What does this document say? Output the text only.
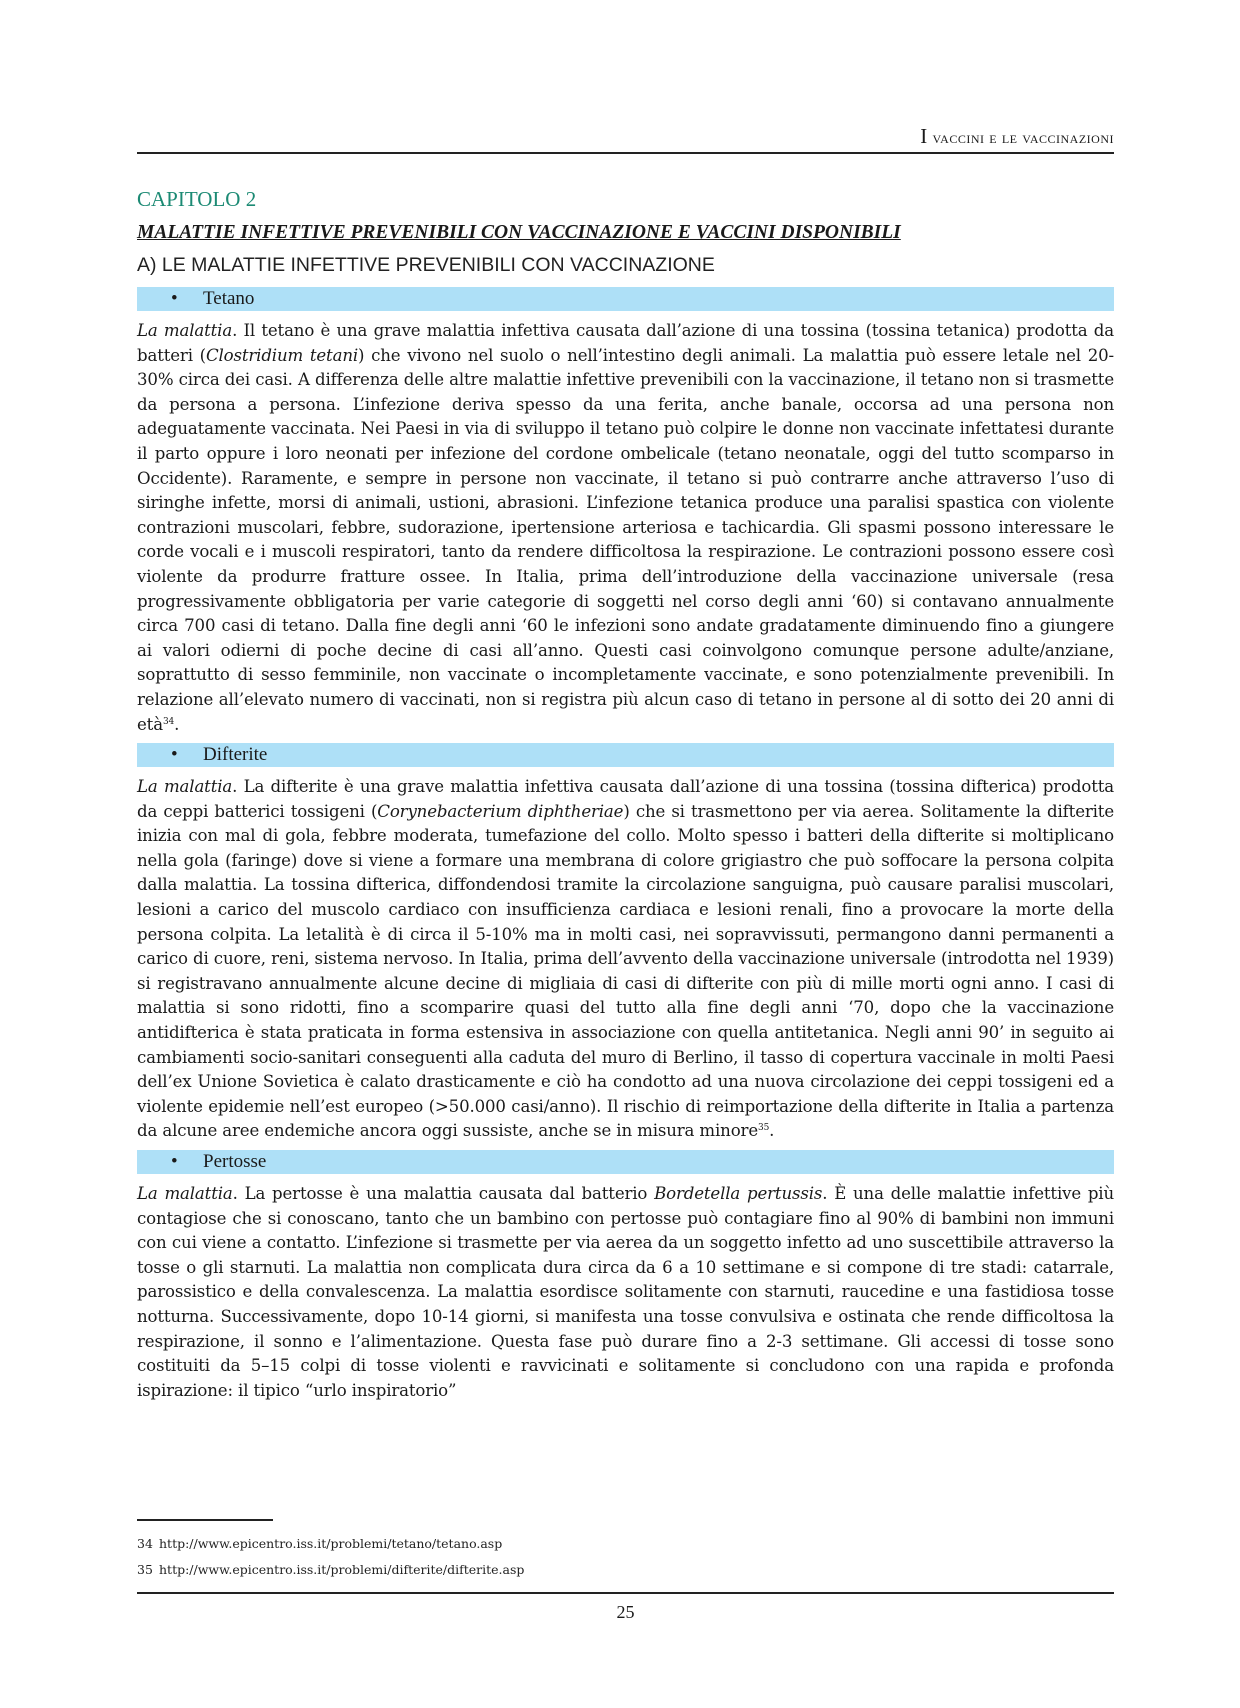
I vaccini e le vaccinazioni

CAPITOLO 2

MALATTIE INFETTIVE PREVENIBILI CON VACCINAZIONE E VACCINI DISPONIBILI

A) LE MALATTIE INFETTIVE PREVENIBILI CON VACCINAZIONE

• Tetano

La malattia. Il tetano è una grave malattia infettiva causata dall’azione di una tossina (tossina tetanica) prodotta da batteri (Clostridium tetani) che vivono nel suolo o nell’intestino degli animali. La malattia può essere letale nel 20-30% circa dei casi. A differenza delle altre malattie infettive prevenibili con la vaccinazione, il tetano non si trasmette da persona a persona. L’infezione deriva spesso da una ferita, anche banale, occorsa ad una persona non adeguatamente vaccinata. Nei Paesi in via di sviluppo il tetano può colpire le donne non vaccinate infettatesi durante il parto oppure i loro neonati per infezione del cordone ombelicale (tetano neonatale, oggi del tutto scomparso in Occidente). Raramente, e sempre in persone non vaccinate, il tetano si può contrarre anche attraverso l’uso di siringhe infette, morsi di animali, ustioni, abrasioni. L’infezione tetanica produce una paralisi spastica con violente contrazioni muscolari, febbre, sudorazione, ipertensione arteriosa e tachicardia. Gli spasmi possono interessare le corde vocali e i muscoli respiratori, tanto da rendere difficoltosa la respirazione. Le contrazioni possono essere così violente da produrre fratture ossee. In Italia, prima dell’introduzione della vaccinazione universale (resa progressivamente obbligatoria per varie categorie di soggetti nel corso degli anni ‘60) si contavano annualmente circa 700 casi di tetano. Dalla fine degli anni ‘60 le infezioni sono andate gradatamente diminuendo fino a giungere ai valori odierni di poche decine di casi all’anno. Questi casi coinvolgono comunque persone adulte/anziane, soprattutto di sesso femminile, non vaccinate o incompletamente vaccinate, e sono potenzialmente prevenibili. In relazione all’elevato numero di vaccinati, non si registra più alcun caso di tetano in persone al di sotto dei 20 anni di età$^{34}$.

• Difterite

La malattia. La difterite è una grave malattia infettiva causata dall’azione di una tossina (tossina difterica) prodotta da ceppi batterici tossigeni (Corynebacterium diphtheriae) che si trasmettono per via aerea. Solitamente la difterite inizia con mal di gola, febbre moderata, tumefazione del collo. Molto spesso i batteri della difterite si moltiplicano nella gola (faringe) dove si viene a formare una membrana di colore grigiastro che può soffocare la persona colpita dalla malattia. La tossina difterica, diffondendosi tramite la circolazione sanguigna, può causare paralisi muscolari, lesioni a carico del muscolo cardiaco con insufficienza cardiaca e lesioni renali, fino a provocare la morte della persona colpita. La letalità è di circa il 5-10% ma in molti casi, nei sopravvissuti, permangono danni permanenti a carico di cuore, reni, sistema nervoso. In Italia, prima dell’avvento della vaccinazione universale (introdotta nel 1939) si registravano annualmente alcune decine di migliaia di casi di difterite con più di mille morti ogni anno. I casi di malattia si sono ridotti, fino a scomparire quasi del tutto alla fine degli anni ‘70, dopo che la vaccinazione antidifterica è stata praticata in forma estensiva in associazione con quella antitetanica. Negli anni 90’ in seguito ai cambiamenti socio-sanitari conseguenti alla caduta del muro di Berlino, il tasso di copertura vaccinale in molti Paesi dell’ex Unione Sovietica è calato drasticamente e ciò ha condotto ad una nuova circolazione dei ceppi tossigeni ed a violente epidemie nell’est europeo (>50.000 casi/anno). Il rischio di reimportazione della difterite in Italia a partenza da alcune aree endemiche ancora oggi sussiste, anche se in misura minore$^{35}$.

• Pertosse

La malattia. La pertosse è una malattia causata dal batterio Bordetella pertussis. È una delle malattie infettive più contagiose che si conoscano, tanto che un bambino con pertosse può contagiare fino al 90% di bambini non immuni con cui viene a contatto. L’infezione si trasmette per via aerea da un soggetto infetto ad uno suscettibile attraverso la tosse o gli starnuti. La malattia non complicata dura circa da 6 a 10 settimane e si compone di tre stadi: catarrale, parossistico e della convalescenza. La malattia esordisce solitamente con starnuti, raucedine e una fastidiosa tosse notturna. Successivamente, dopo 10-14 giorni, si manifesta una tosse convulsiva e ostinata che rende difficoltosa la respirazione, il sonno e l’alimentazione. Questa fase può durare fino a 2-3 settimane. Gli accessi di tosse sono costituiti da 5–15 colpi di tosse violenti e ravvicinati e solitamente si concludono con una rapida e profonda ispirazione: il tipico “urlo inspiratorio”

34 http://www.epicentro.iss.it/problemi/tetano/tetano.asp
35 http://www.epicentro.iss.it/problemi/difterite/difterite.asp
25
